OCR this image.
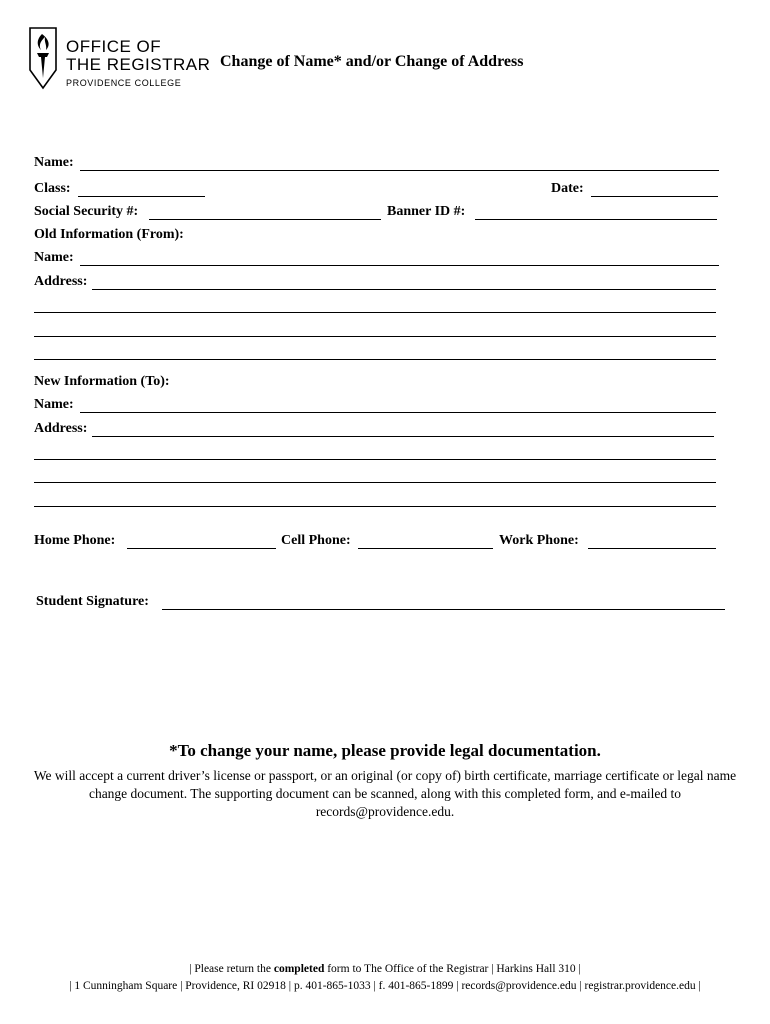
OFFICE OF
THE REGISTRAR
PROVIDENCE COLLEGE
Change of Name* and/or Change of Address
Name:
Class:	Date:
Social Security #:	Banner ID #:
Old Information (From):
Name:
Address:
New Information (To):
Name:
Address:
Home Phone:	Cell Phone:	Work Phone:
Student Signature:
*To change your name, please provide legal documentation.
We will accept a current driver’s license or passport, or an original (or copy of) birth certificate, marriage certificate or legal name change document. The supporting document can be scanned, along with this completed form, and e-mailed to records@providence.edu.
| Please return the completed form to The Office of the Registrar | Harkins Hall 310 |
| 1 Cunningham Square | Providence, RI 02918 | p. 401-865-1033 | f. 401-865-1899 | records@providence.edu | registrar.providence.edu |
